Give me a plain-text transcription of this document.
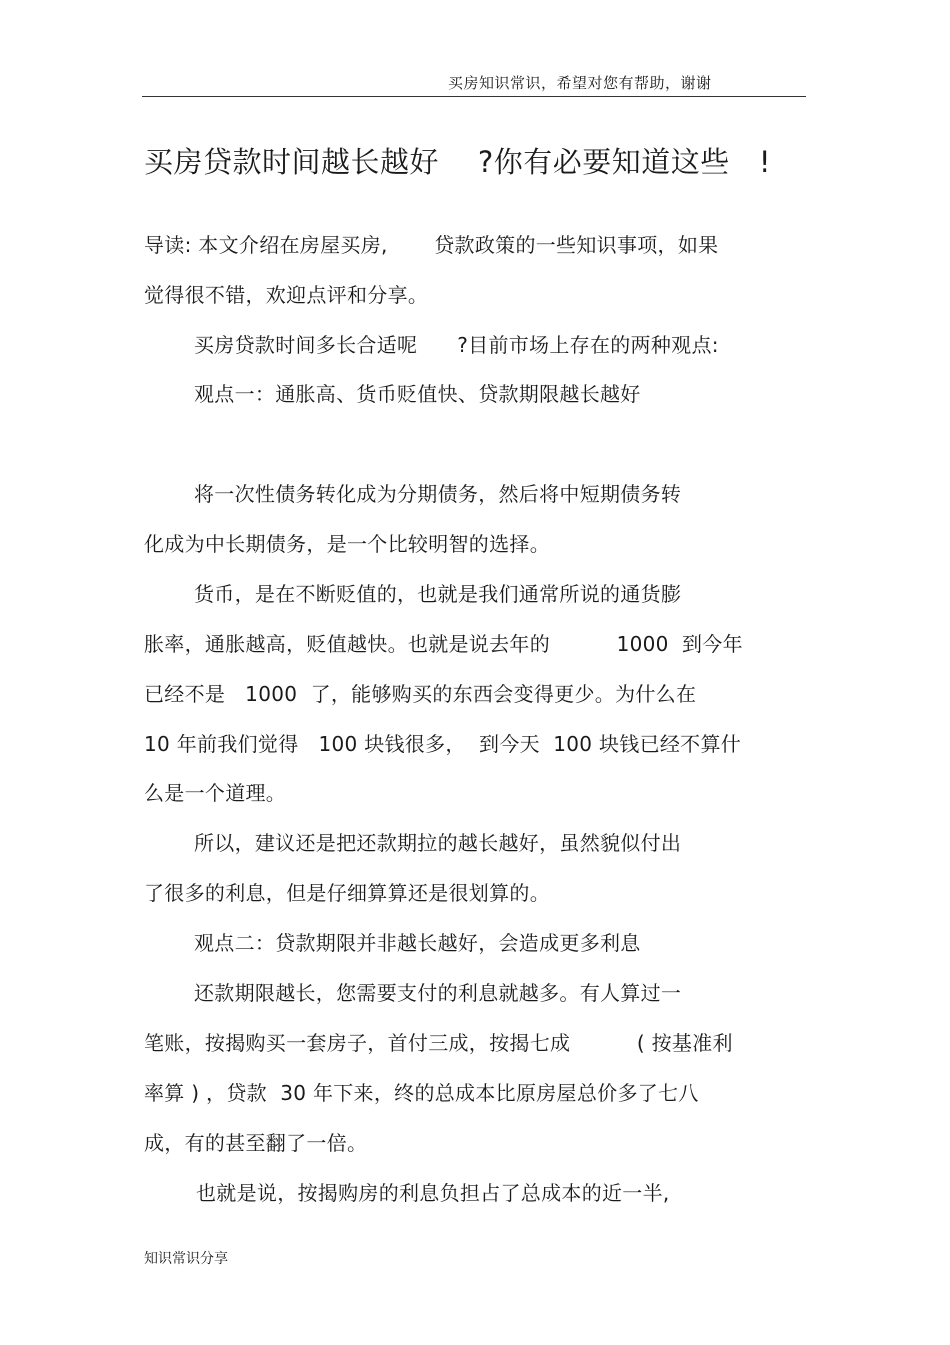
买房知识常识，希望对您有帮助，谢谢
买房贷款时间越长越好    ?你有必要知道这些   !
导读: 本文介绍在房屋买房,       贷款政策的一些知识事项，如果
觉得很不错，欢迎点评和分享。
买房贷款时间多长合适呢      ?目前市场上存在的两种观点:
观点一：通胀高、货币贬值快、贷款期限越长越好
将一次性债务转化成为分期债务，然后将中短期债务转
化成为中长期债务，是一个比较明智的选择。
货币，是在不断贬值的，也就是我们通常所说的通货膨
胀率，通胀越高，贬值越快。也就是说去年的          1000  到今年
已经不是   1000  了，能够购买的东西会变得更少。为什么在
10 年前我们觉得   100 块钱很多，  到今天  100 块钱已经不算什
么是一个道理。
所以，建议还是把还款期拉的越长越好，虽然貌似付出
了很多的利息，但是仔细算算还是很划算的。
观点二：贷款期限并非越长越好，会造成更多利息
还款期限越长，您需要支付的利息就越多。有人算过一
笔账，按揭购买一套房子，首付三成，按揭七成          ( 按基准利
率算 ) ，贷款  30 年下来，终的总成本比原房屋总价多了七八
成，有的甚至翻了一倍。
也就是说，按揭购房的利息负担占了总成本的近一半,
知识常识分享
